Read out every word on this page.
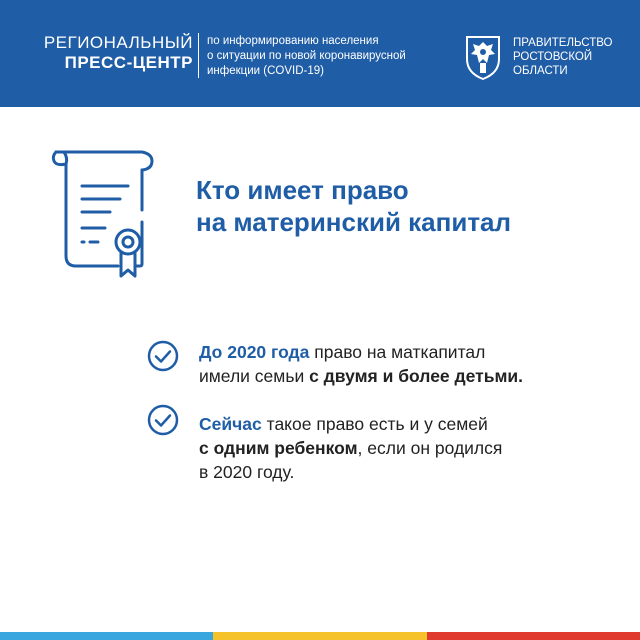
РЕГИОНАЛЬНЫЙ
ПРЕСС-ЦЕНТР
по информированию населения
о ситуации по новой коронавирусной
инфекции (COVID-19)
ПРАВИТЕЛЬСТВО
РОСТОВСКОЙ
ОБЛАСТИ
Кто имеет право
на материнский капитал
До 2020 года право на маткапитал
имели семьи с двумя и более детьми.
Сейчас такое право есть и у семей
с одним ребенком, если он родился
в 2020 году.
